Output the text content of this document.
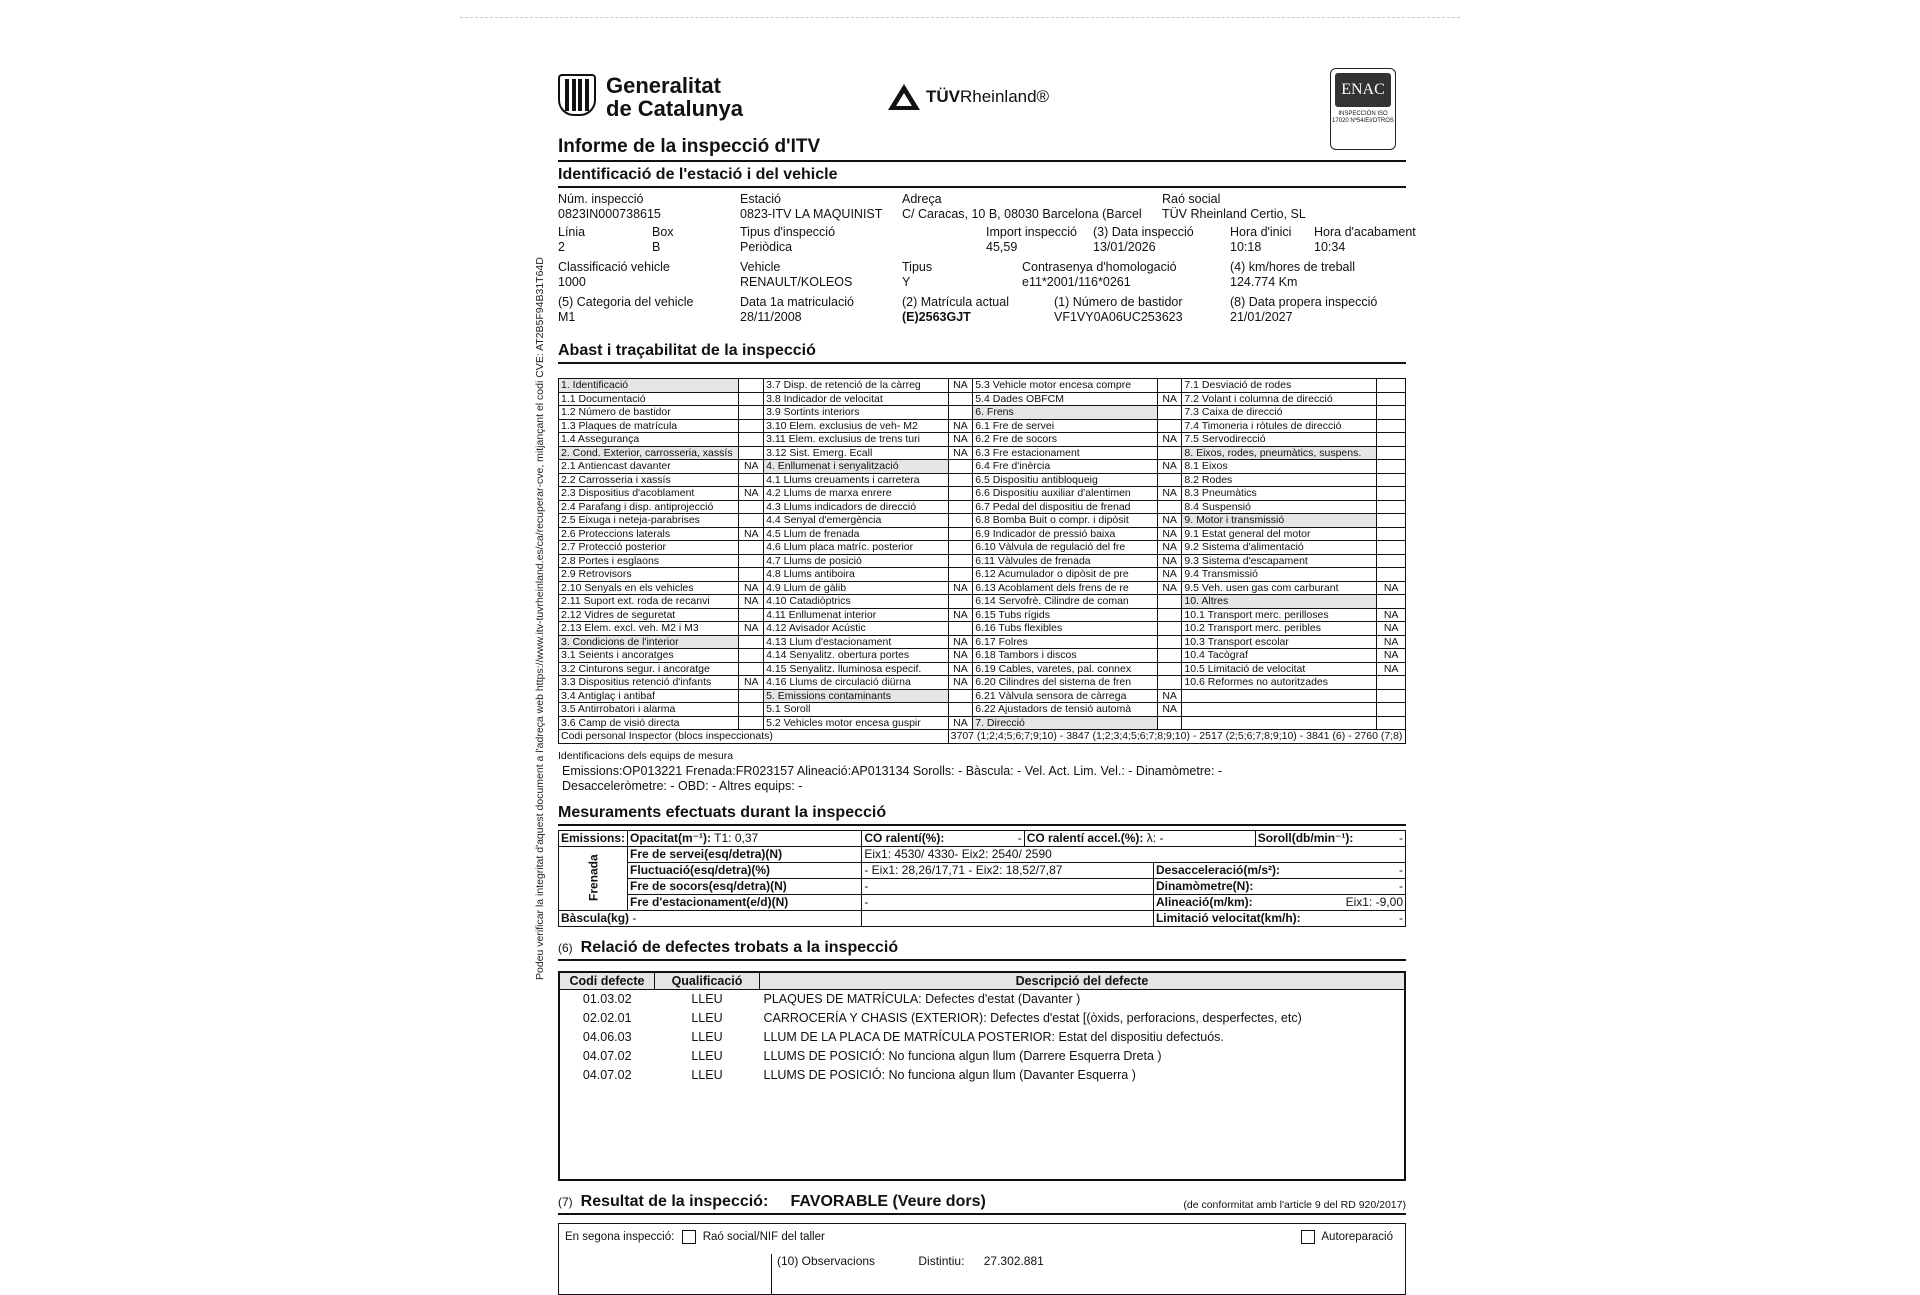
Podeu verificar la integritat d'aquest document a l'adreça web https://www.itv-tuvrheinland.es/ca/recuperar-cve, mitjançant el codi CVE: AT2B5F94B31T64D
Generalitat
de Catalunya	TÜVRheinland®	ENAC
INSPECCIÓN ISO 17020 Nº54/EI/OTROS
Informe de la inspecció d'ITV
Identificació de l'estació i del vehicle
Núm. inspecció
0823IN000738615
Estació
0823-ITV LA MAQUINIST
Adreça
C/ Caracas, 10 B, 08030 Barcelona (Barcel
Raó social
TÜV Rheinland Certio, SL
Línia
2
Box
B
Tipus d'inspecció
Periòdica
Import inspecció
45,59
(3) Data inspecció
13/01/2026
Hora d'inici
10:18
Hora d'acabament
10:34
Classificació vehicle
1000
Vehicle
RENAULT/KOLEOS
Tipus
Y
Contrasenya d'homologació
e11*2001/116*0261
(4) km/hores de treball
124.774 Km
(5) Categoria del vehicle
M1
Data 1a matriculació
28/11/2008
(2) Matrícula actual
(E)2563GJT
(1) Número de bastidor
VF1VY0A06UC253623
(8) Data propera inspecció
21/01/2027
Abast i traçabilitat de la inspecció
1. Identificació		3.7 Disp. de retenció de la càrreg	NA	5.3 Vehicle motor encesa compre		7.1 Desviació de rodes	
1.1 Documentació		3.8 Indicador de velocitat		5.4 Dades OBFCM	NA	7.2 Volant i columna de direcció	
1.2 Número de bastidor		3.9 Sortints interiors		6. Frens		7.3 Caixa de direcció	
1.3 Plaques de matrícula		3.10 Elem. exclusius de veh- M2	NA	6.1 Fre de servei		7.4 Timoneria i ròtules de direcció	
1.4 Assegurança		3.11 Elem. exclusius de trens turi	NA	6.2 Fre de socors	NA	7.5 Servodirecció	
2. Cond. Exterior, carrosseria, xassís		3.12 Sist. Emerg. Ecall	NA	6.3 Fre estacionament		8. Eixos, rodes, pneumàtics, suspens.	
2.1 Antiencast davanter	NA	4. Enllumenat i senyalització		6.4 Fre d'inèrcia	NA	8.1 Eixos	
2.2 Carrosseria i xassís		4.1 Llums creuaments i carretera		6.5 Dispositiu antibloqueig		8.2 Rodes	
2.3 Dispositius d'acoblament	NA	4.2 Llums de marxa enrere		6.6 Dispositiu auxiliar d'alentimen	NA	8.3 Pneumàtics	
2.4 Parafang i disp. antiprojecció		4.3 Llums indicadors de direcció		6.7 Pedal del dispositiu de frenad		8.4 Suspensió	
2.5 Eixuga i neteja-parabrises		4.4 Senyal d'emergència		6.8 Bomba Buit o compr. i dipòsit	NA	9. Motor i transmissió	
2.6 Proteccions laterals	NA	4.5 Llum de frenada		6.9 Indicador de pressió baixa	NA	9.1 Estat general del motor	
2.7 Protecció posterior		4.6 Llum placa matríc. posterior		6.10 Vàlvula de regulació del fre	NA	9.2 Sistema d'alimentació	
2.8 Portes i esglaons		4.7 Llums de posició		6.11 Vàlvules de frenada	NA	9.3 Sistema d'escapament	
2.9 Retrovisors		4.8 Llums antiboira		6.12 Acumulador o dipòsit de pre	NA	9.4 Transmissió	
2.10 Senyals en els vehicles	NA	4.9 Llum de gàlib	NA	6.13 Acoblament dels frens de re	NA	9.5 Veh. usen gas com carburant	NA
2.11 Suport ext. roda de recanvi	NA	4.10 Catadiòptrics		6.14 Servofrè. Cilindre de coman		10. Altres	
2.12 Vidres de seguretat		4.11 Enllumenat interior	NA	6.15 Tubs rígids		10.1 Transport merc. perilloses	NA
2.13 Elem. excl. veh. M2 i M3	NA	4.12 Avisador Acústic		6.16 Tubs flexibles		10.2 Transport merc. peribles	NA
3. Condicions de l'interior		4.13 Llum d'estacionament	NA	6.17 Folres		10.3 Transport escolar	NA
3.1 Seients i ancoratges		4.14 Senyalitz. obertura portes	NA	6.18 Tambors i discos		10.4 Tacògraf	NA
3.2 Cinturons segur. i ancoratge		4.15 Senyalitz. lluminosa especif.	NA	6.19 Cables, varetes, pal. connex		10.5 Limitació de velocitat	NA
3.3 Dispositius retenció d'infants	NA	4.16 Llums de circulació diürna	NA	6.20 Cilindres del sistema de fren		10.6 Reformes no autoritzades	
3.4 Antiglaç i antibaf		5. Emissions contaminants		6.21 Vàlvula sensora de càrrega	NA		
3.5 Antirrobatori i alarma		5.1 Soroll		6.22 Ajustadors de tensió automà	NA		
3.6 Camp de visió directa		5.2 Vehicles motor encesa guspir	NA	7. Direcció			
Codi personal Inspector (blocs inspeccionats)			3707 (1;2;4;5;6;7;9;10) - 3847 (1;2;3;4;5;6;7;8;9;10) - 2517 (2;5;6;7;8;9;10) - 3841 (6) - 2760 (7;8)				
Identificacions dels equips de mesura
Emissions:OP013221 Frenada:FR023157 Alineació:AP013134 Sorolls: - Bàscula: - Vel. Act. Lim. Vel.: - Dinamòmetre: -
Desacceleròmetre: - OBD: - Altres equips: -
Mesuraments efectuats durant la inspecció
Emissions:	Opacitat(m⁻¹): T1: 0,37	CO ralentí(%): -	CO ralentí accel.(%): λ: -		Soroll(db/min⁻¹): -

Frenada	Fre de servei(esq/detra)(N)	Eix1: 4530/ 4330- Eix2: 2540/ 2590			
	Fluctuació(esq/detra)(%)	- Eix1: 28,26/17,71 - Eix2: 18,52/7,87		Desacceleració(m/s²): -	

	Fre de socors(esq/detra)(N)	-		Dinamòmetre(N): -	

	Fre d'estacionament(e/d)(N)	-		Alineació(m/km): Eix1: -9,00	

Bàscula(kg) -				Limitació velocitat(km/h): -	
(6) Relació de defectes trobats a la inspecció
Codi defecte	Qualificació	Descripció del defecte
01.03.02	LLEU	PLAQUES DE MATRÍCULA: Defectes d'estat (Davanter )
02.02.01	LLEU	CARROCERÍA Y CHASIS (EXTERIOR): Defectes d'estat [(òxids, perforacions, desperfectes, etc)
04.06.03	LLEU	LLUM DE LA PLACA DE MATRÍCULA POSTERIOR: Estat del dispositiu defectuós.
04.07.02	LLEU	LLUMS DE POSICIÓ: No funciona algun llum (Darrere Esquerra Dreta )
04.07.02	LLEU	LLUMS DE POSICIÓ: No funciona algun llum (Davanter Esquerra )

(7) Resultat de la inspecció: FAVORABLE (Veure dors)	(de conformitat amb l'article 9 del RD 920/2017)
En segona inspecció: Raó social/NIF del taller	Autoreparació
(10) Observacions	Distintiu: 27.302.881
